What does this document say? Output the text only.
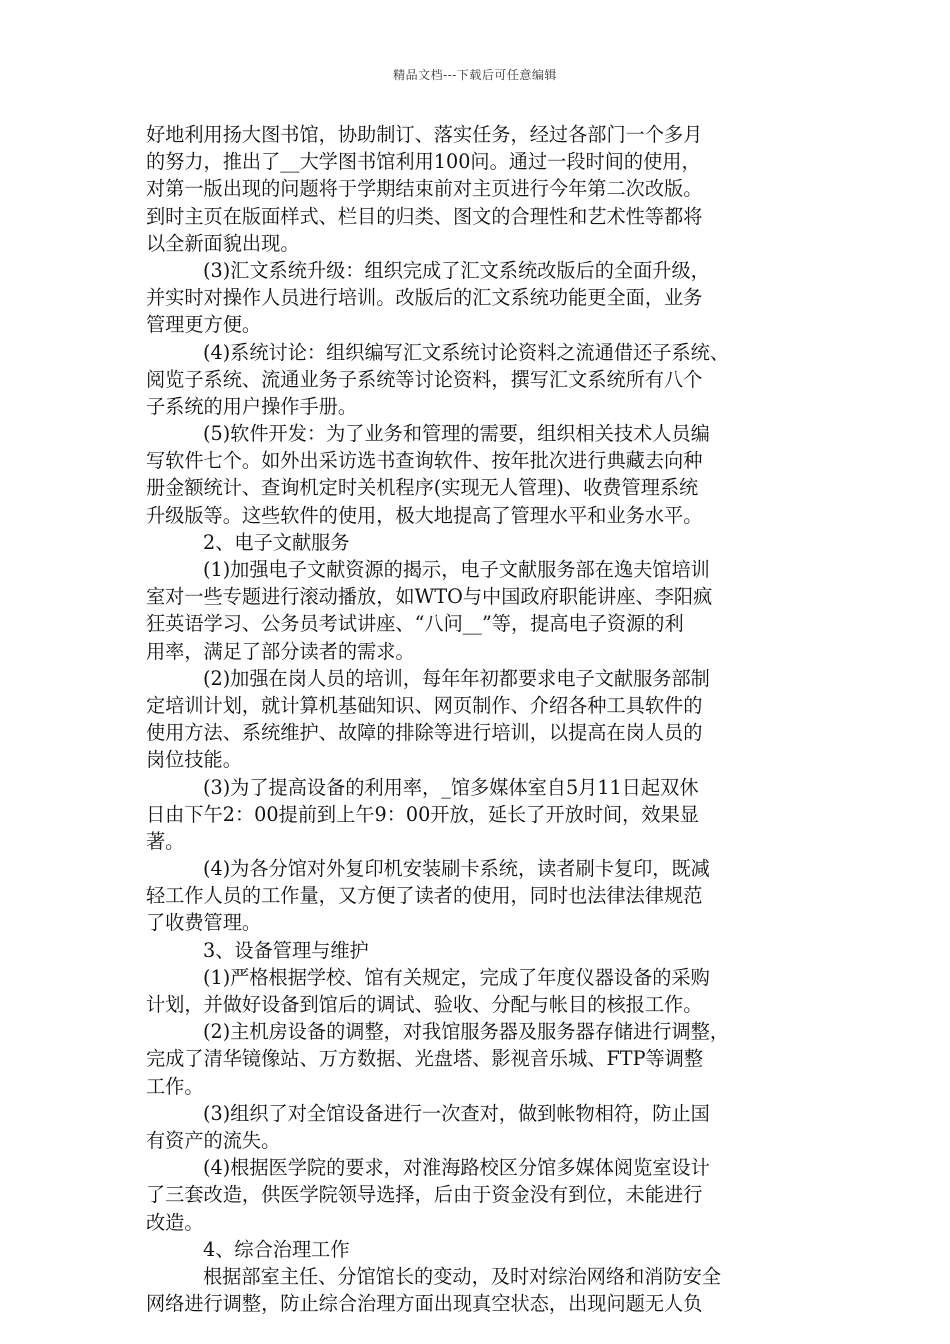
精品文档---下载后可任意编辑
好地利用扬大图书馆，协助制订、落实任务，经过各部门一个多月
的努力，推出了__大学图书馆利用100问。通过一段时间的使用，
对第一版出现的问题将于学期结束前对主页进行今年第二次改版。
到时主页在版面样式、栏目的归类、图文的合理性和艺术性等都将
以全新面貌出现。
(3)汇文系统升级：组织完成了汇文系统改版后的全面升级，
并实时对操作人员进行培训。改版后的汇文系统功能更全面，业务
管理更方便。
(4)系统讨论：组织编写汇文系统讨论资料之流通借还子系统、
阅览子系统、流通业务子系统等讨论资料，撰写汇文系统所有八个
子系统的用户操作手册。
(5)软件开发：为了业务和管理的需要，组织相关技术人员编
写软件七个。如外出采访选书查询软件、按年批次进行典藏去向种
册金额统计、查询机定时关机程序(实现无人管理)、收费管理系统
升级版等。这些软件的使用，极大地提高了管理水平和业务水平。
2、电子文献服务
(1)加强电子文献资源的揭示，电子文献服务部在逸夫馆培训
室对一些专题进行滚动播放，如WTO与中国政府职能讲座、李阳疯
狂英语学习、公务员考试讲座、“八问__”等，提高电子资源的利
用率，满足了部分读者的需求。
(2)加强在岗人员的培训，每年年初都要求电子文献服务部制
定培训计划，就计算机基础知识、网页制作、介绍各种工具软件的
使用方法、系统维护、故障的排除等进行培训，以提高在岗人员的
岗位技能。
(3)为了提高设备的利用率，_馆多媒体室自5月11日起双休
日由下午2：00提前到上午9：00开放，延长了开放时间，效果显
著。
(4)为各分馆对外复印机安装刷卡系统，读者刷卡复印，既减
轻工作人员的工作量，又方便了读者的使用，同时也法律法律规范
了收费管理。
3、设备管理与维护
(1)严格根据学校、馆有关规定，完成了年度仪器设备的采购
计划，并做好设备到馆后的调试、验收、分配与帐目的核报工作。
(2)主机房设备的调整，对我馆服务器及服务器存储进行调整，
完成了清华镜像站、万方数据、光盘塔、影视音乐城、FTP等调整
工作。
(3)组织了对全馆设备进行一次查对，做到帐物相符，防止国
有资产的流失。
(4)根据医学院的要求，对淮海路校区分馆多媒体阅览室设计
了三套改造，供医学院领导选择，后由于资金没有到位，未能进行
改造。
4、综合治理工作
根据部室主任、分馆馆长的变动，及时对综治网络和消防安全
网络进行调整，防止综合治理方面出现真空状态，出现问题无人负
